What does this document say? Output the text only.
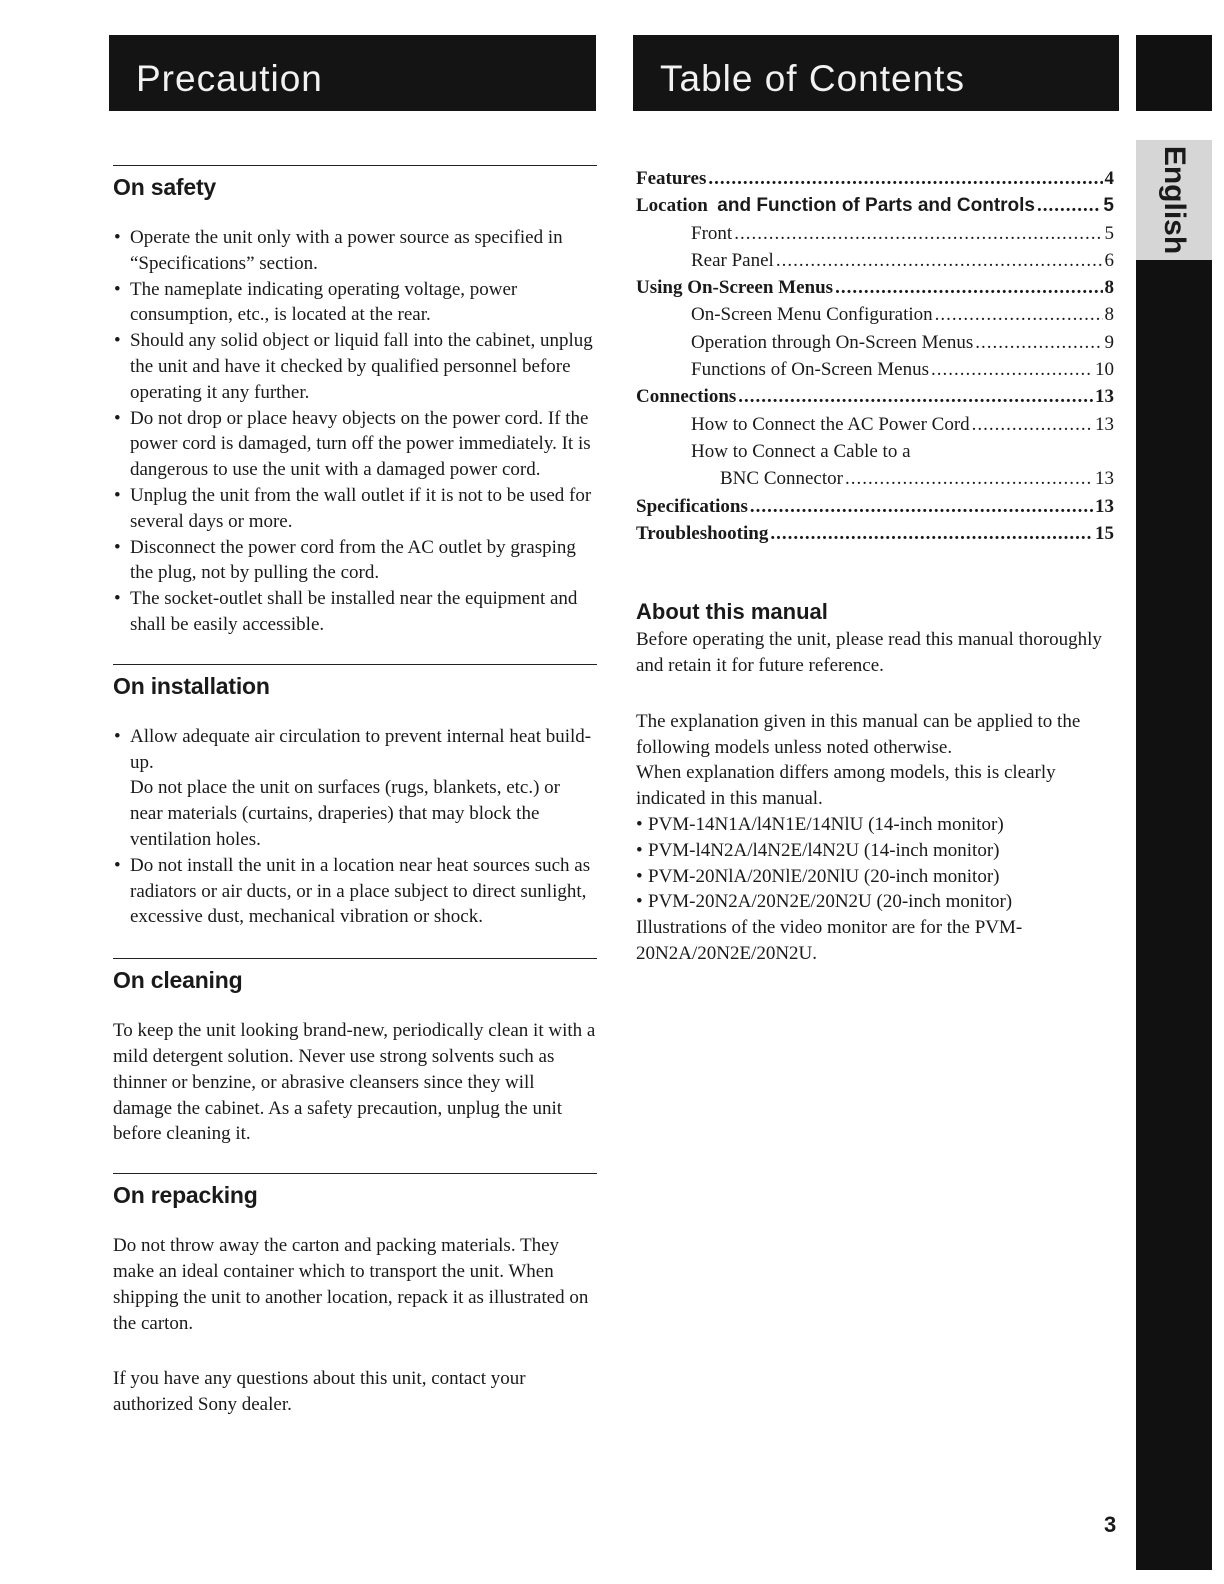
Precaution	Table of Contents
English
On safety
• Operate the unit only with a power source as specified in “Specifications” section.
• The nameplate indicating operating voltage, power consumption, etc., is located at the rear.
• Should any solid object or liquid fall into the cabinet, unplug the unit and have it checked by qualified personnel before operating it any further.
• Do not drop or place heavy objects on the power cord. If the power cord is damaged, turn off the power immediately. It is dangerous to use the unit with a damaged power cord.
• Unplug the unit from the wall outlet if it is not to be used for several days or more.
• Disconnect the power cord from the AC outlet by grasping the plug, not by pulling the cord.
• The socket-outlet shall be installed near the equipment and shall be easily accessible.
On installation
• Allow adequate air circulation to prevent internal heat build-up.
Do not place the unit on surfaces (rugs, blankets, etc.) or near materials (curtains, draperies) that may block the ventilation holes.
• Do not install the unit in a location near heat sources such as radiators or air ducts, or in a place subject to direct sunlight, excessive dust, mechanical vibration or shock.
On cleaning

To keep the unit looking brand-new, periodically clean it with a mild detergent solution. Never use strong solvents such as thinner or benzine, or abrasive cleansers since they will damage the cabinet. As a safety precaution, unplug the unit before cleaning it.

On repacking

Do not throw away the carton and packing materials. They make an ideal container which to transport the unit. When shipping the unit to another location, repack it as illustrated on the carton.

If you have any questions about this unit, contact your authorized Sony dealer.

Features .....	4
Location and Function of Parts and Controls .....	5
Front .....	5
Rear Panel .....	6
Using On-Screen Menus .....	8
On-Screen Menu Configuration .....	8
Operation through On-Screen Menus .....	9
Functions of On-Screen Menus .....	10
Connections .....	13
How to Connect the AC Power Cord .....	13
How to Connect a Cable to a
BNC Connector .....	13
Specifications .....	13
Troubleshooting .....	15
About this manual

Before operating the unit, please read this manual thoroughly and retain it for future reference.

The explanation given in this manual can be applied to the following models unless noted otherwise.

When explanation differs among models, this is clearly indicated in this manual.

• PVM-14N1A/l4N1E/14NlU (14-inch monitor)
• PVM-l4N2A/l4N2E/l4N2U (14-inch monitor)
• PVM-20NlA/20NlE/20NlU (20-inch monitor)
• PVM-20N2A/20N2E/20N2U (20-inch monitor)

Illustrations of the video monitor are for the PVM-20N2A/20N2E/20N2U.

3
